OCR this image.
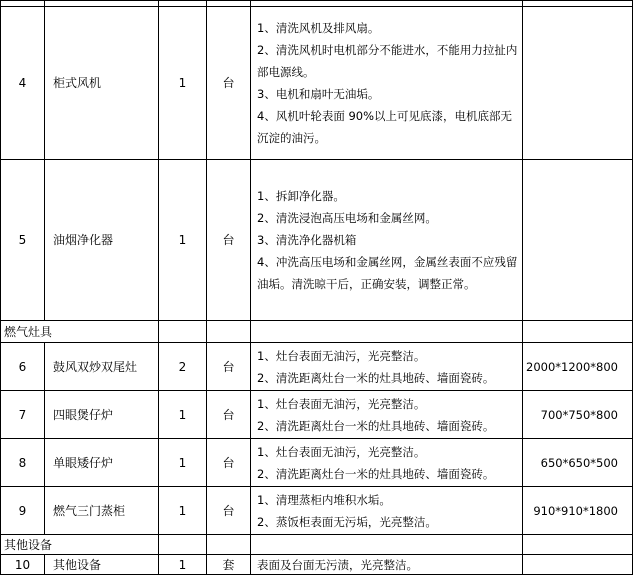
4	柜式风机	1	台	1、清洗风机及排风扇。
2、清洗风机时电机部分不能进水，不能用力拉扯内部电源线。
3、电机和扇叶无油垢。
4、风机叶轮表面 90%以上可见底漆，电机底部无沉淀的油污。	

5	油烟净化器	1	台	1、拆卸净化器。
2、清洗浸泡高压电场和金属丝网。
3、清洗净化器机箱
4、冲洗高压电场和金属丝网，金属丝表面不应残留油垢。清洗晾干后，正确安装，调整正常。	

燃气灶具					
6	鼓风双炒双尾灶	2	台	1、灶台表面无油污，光亮整洁。
2、清洗距离灶台一米的灶具地砖、墙面瓷砖。	2000*1200*800
7	四眼煲仔炉	1	台	1、灶台表面无油污，光亮整洁。
2、清洗距离灶台一米的灶具地砖、墙面瓷砖。	700*750*800
8	单眼矮仔炉	1	台	1、灶台表面无油污，光亮整洁。
2、清洗距离灶台一米的灶具地砖、墙面瓷砖。	650*650*500
9	燃气三门蒸柜	1	台	1、清理蒸柜内堆积水垢。
2、蒸饭柜表面无污垢，光亮整洁。	910*910*1800
其他设备					
10	其他设备	1	套	表面及台面无污渍，光亮整洁。	
